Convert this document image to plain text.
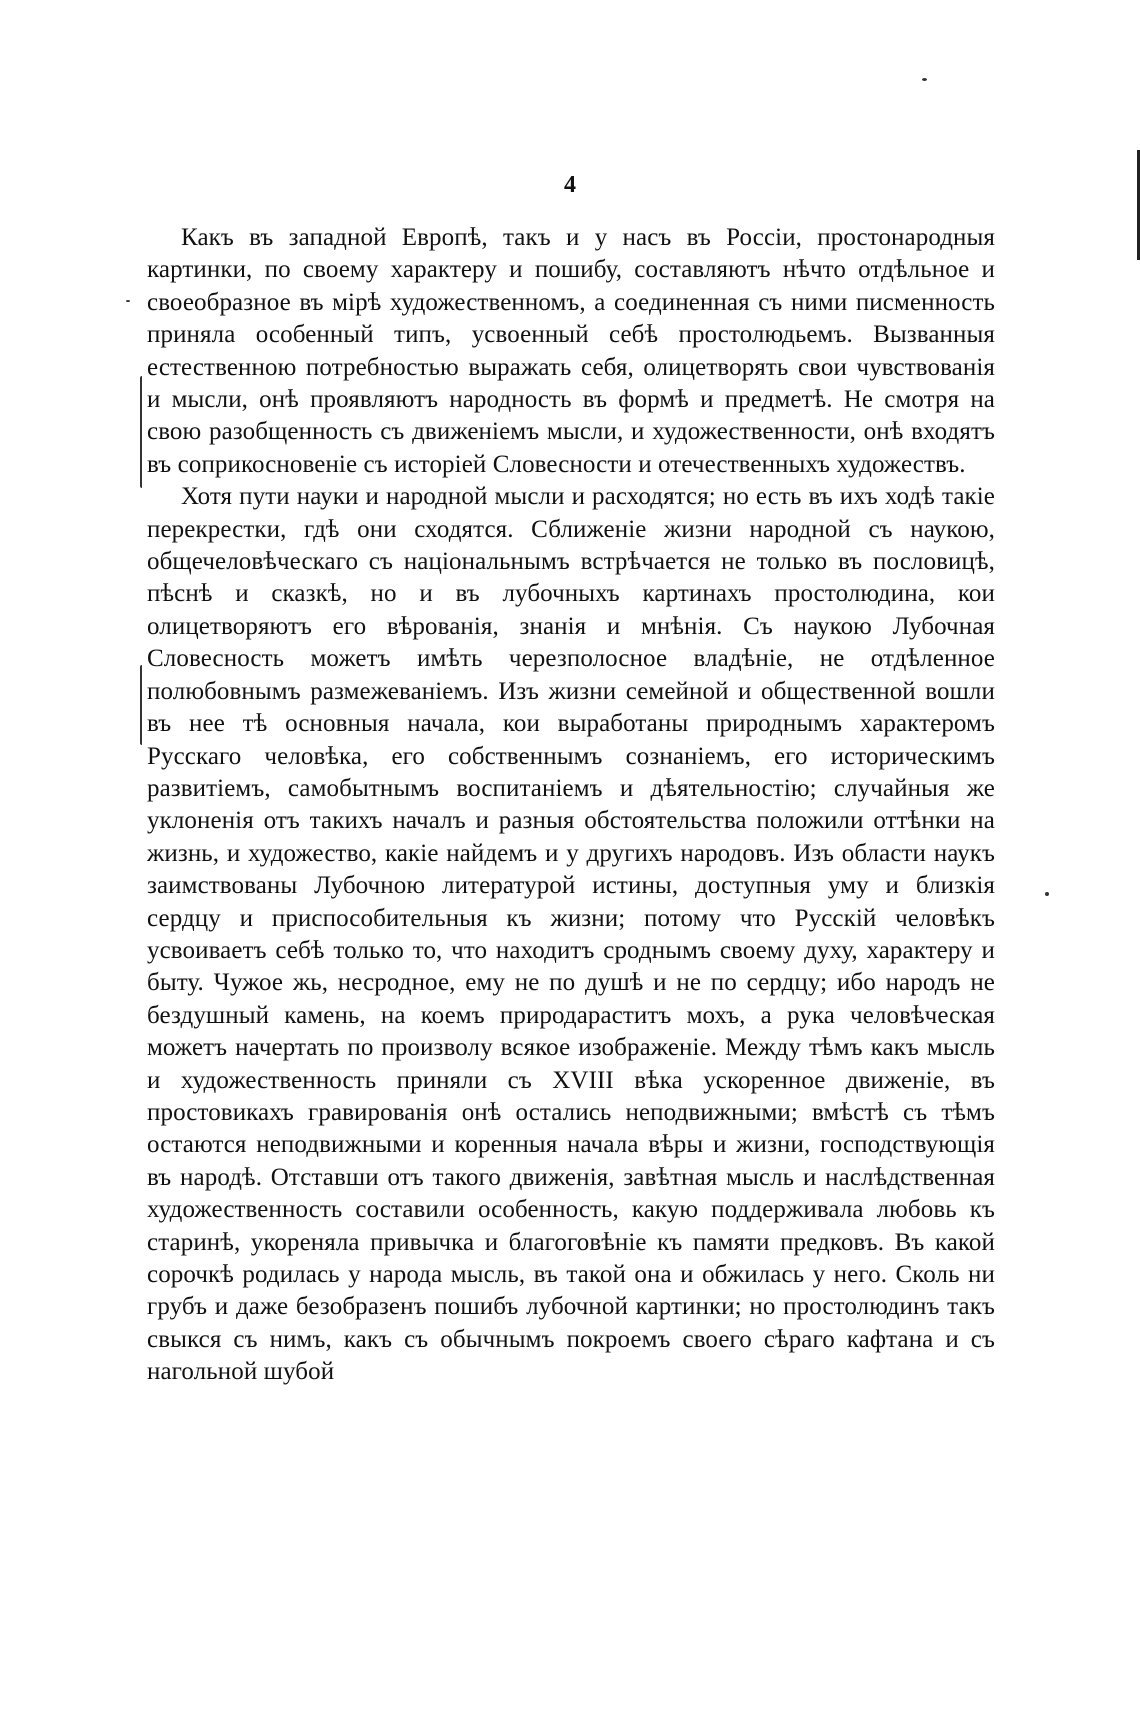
4

Какъ въ западной Европѣ, такъ и у насъ въ Россіи, простонародныя картинки, по своему характеру и пошибу, составляютъ нѣчто отдѣльное и своеобразное въ мірѣ художественномъ, а соединенная съ ними писменность приняла особенный типъ, усвоенный себѣ простолюдьемъ. Вызванныя естественною потребностью выражать себя, олицетворять свои чувствованія и мысли, онѣ проявляютъ народность въ формѣ и предметѣ. Не смотря на свою разобщенность съ движеніемъ мысли, и художественности, онѣ входятъ въ соприкосновеніе съ исторіей Словесности и отечественныхъ художествъ.

Хотя пути науки и народной мысли и расходятся; но есть въ ихъ ходѣ такіе перекрестки, гдѣ они сходятся. Сближеніе жизни народной съ наукою, общечеловѣческаго съ національнымъ встрѣчается не только въ пословицѣ, пѣснѣ и сказкѣ, но и въ лубочныхъ картинахъ простолюдина, кои олицетворяютъ его вѣрованія, знанія и мнѣнія. Съ наукою Лубочная Словесность можетъ имѣть черезполосное владѣніе, не отдѣленное полюбовнымъ размежеваніемъ. Изъ жизни семейной и общественной вошли въ нее тѣ основныя начала, кои выработаны природнымъ характеромъ Русскаго человѣка, его собственнымъ сознаніемъ, его историческимъ развитіемъ, самобытнымъ воспитаніемъ и дѣятельностію; случайныя же уклоненія отъ такихъ началъ и разныя обстоятельства положили оттѣнки на жизнь, и художество, какіе найдемъ и у другихъ народовъ. Изъ области наукъ заимствованы Лубочною литературой истины, доступныя уму и близкія сердцу и приспособительныя къ жизни; потому что Русскій человѣкъ усвоиваетъ себѣ только то, что находитъ сроднымъ своему духу, характеру и быту. Чужое жь, несродное, ему не по душѣ и не по сердцу; ибо народъ не бездушный камень, на коемъ природараститъ мохъ, а рука человѣческая можетъ начертать по произволу всякое изображеніе. Между тѣмъ какъ мысль и художественность приняли съ XVIII вѣка ускоренное движеніе, въ простовикахъ гравированія онѣ остались неподвижными; вмѣстѣ съ тѣмъ остаются неподвижными и коренныя начала вѣры и жизни, господствующія въ народѣ. Отставши отъ такого движенія, завѣтная мысль и наслѣдственная художественность составили особенность, какую поддерживала любовь къ старинѣ, укореняла привычка и благоговѣніе къ памяти предковъ. Въ какой сорочкѣ родилась у народа мысль, въ такой она и обжилась у него. Сколь ни грубъ и даже безобразенъ пошибъ лубочной картинки; но простолюдинъ такъ свыкся съ нимъ, какъ съ обычнымъ покроемъ своего сѣраго кафтана и съ нагольной шубой
